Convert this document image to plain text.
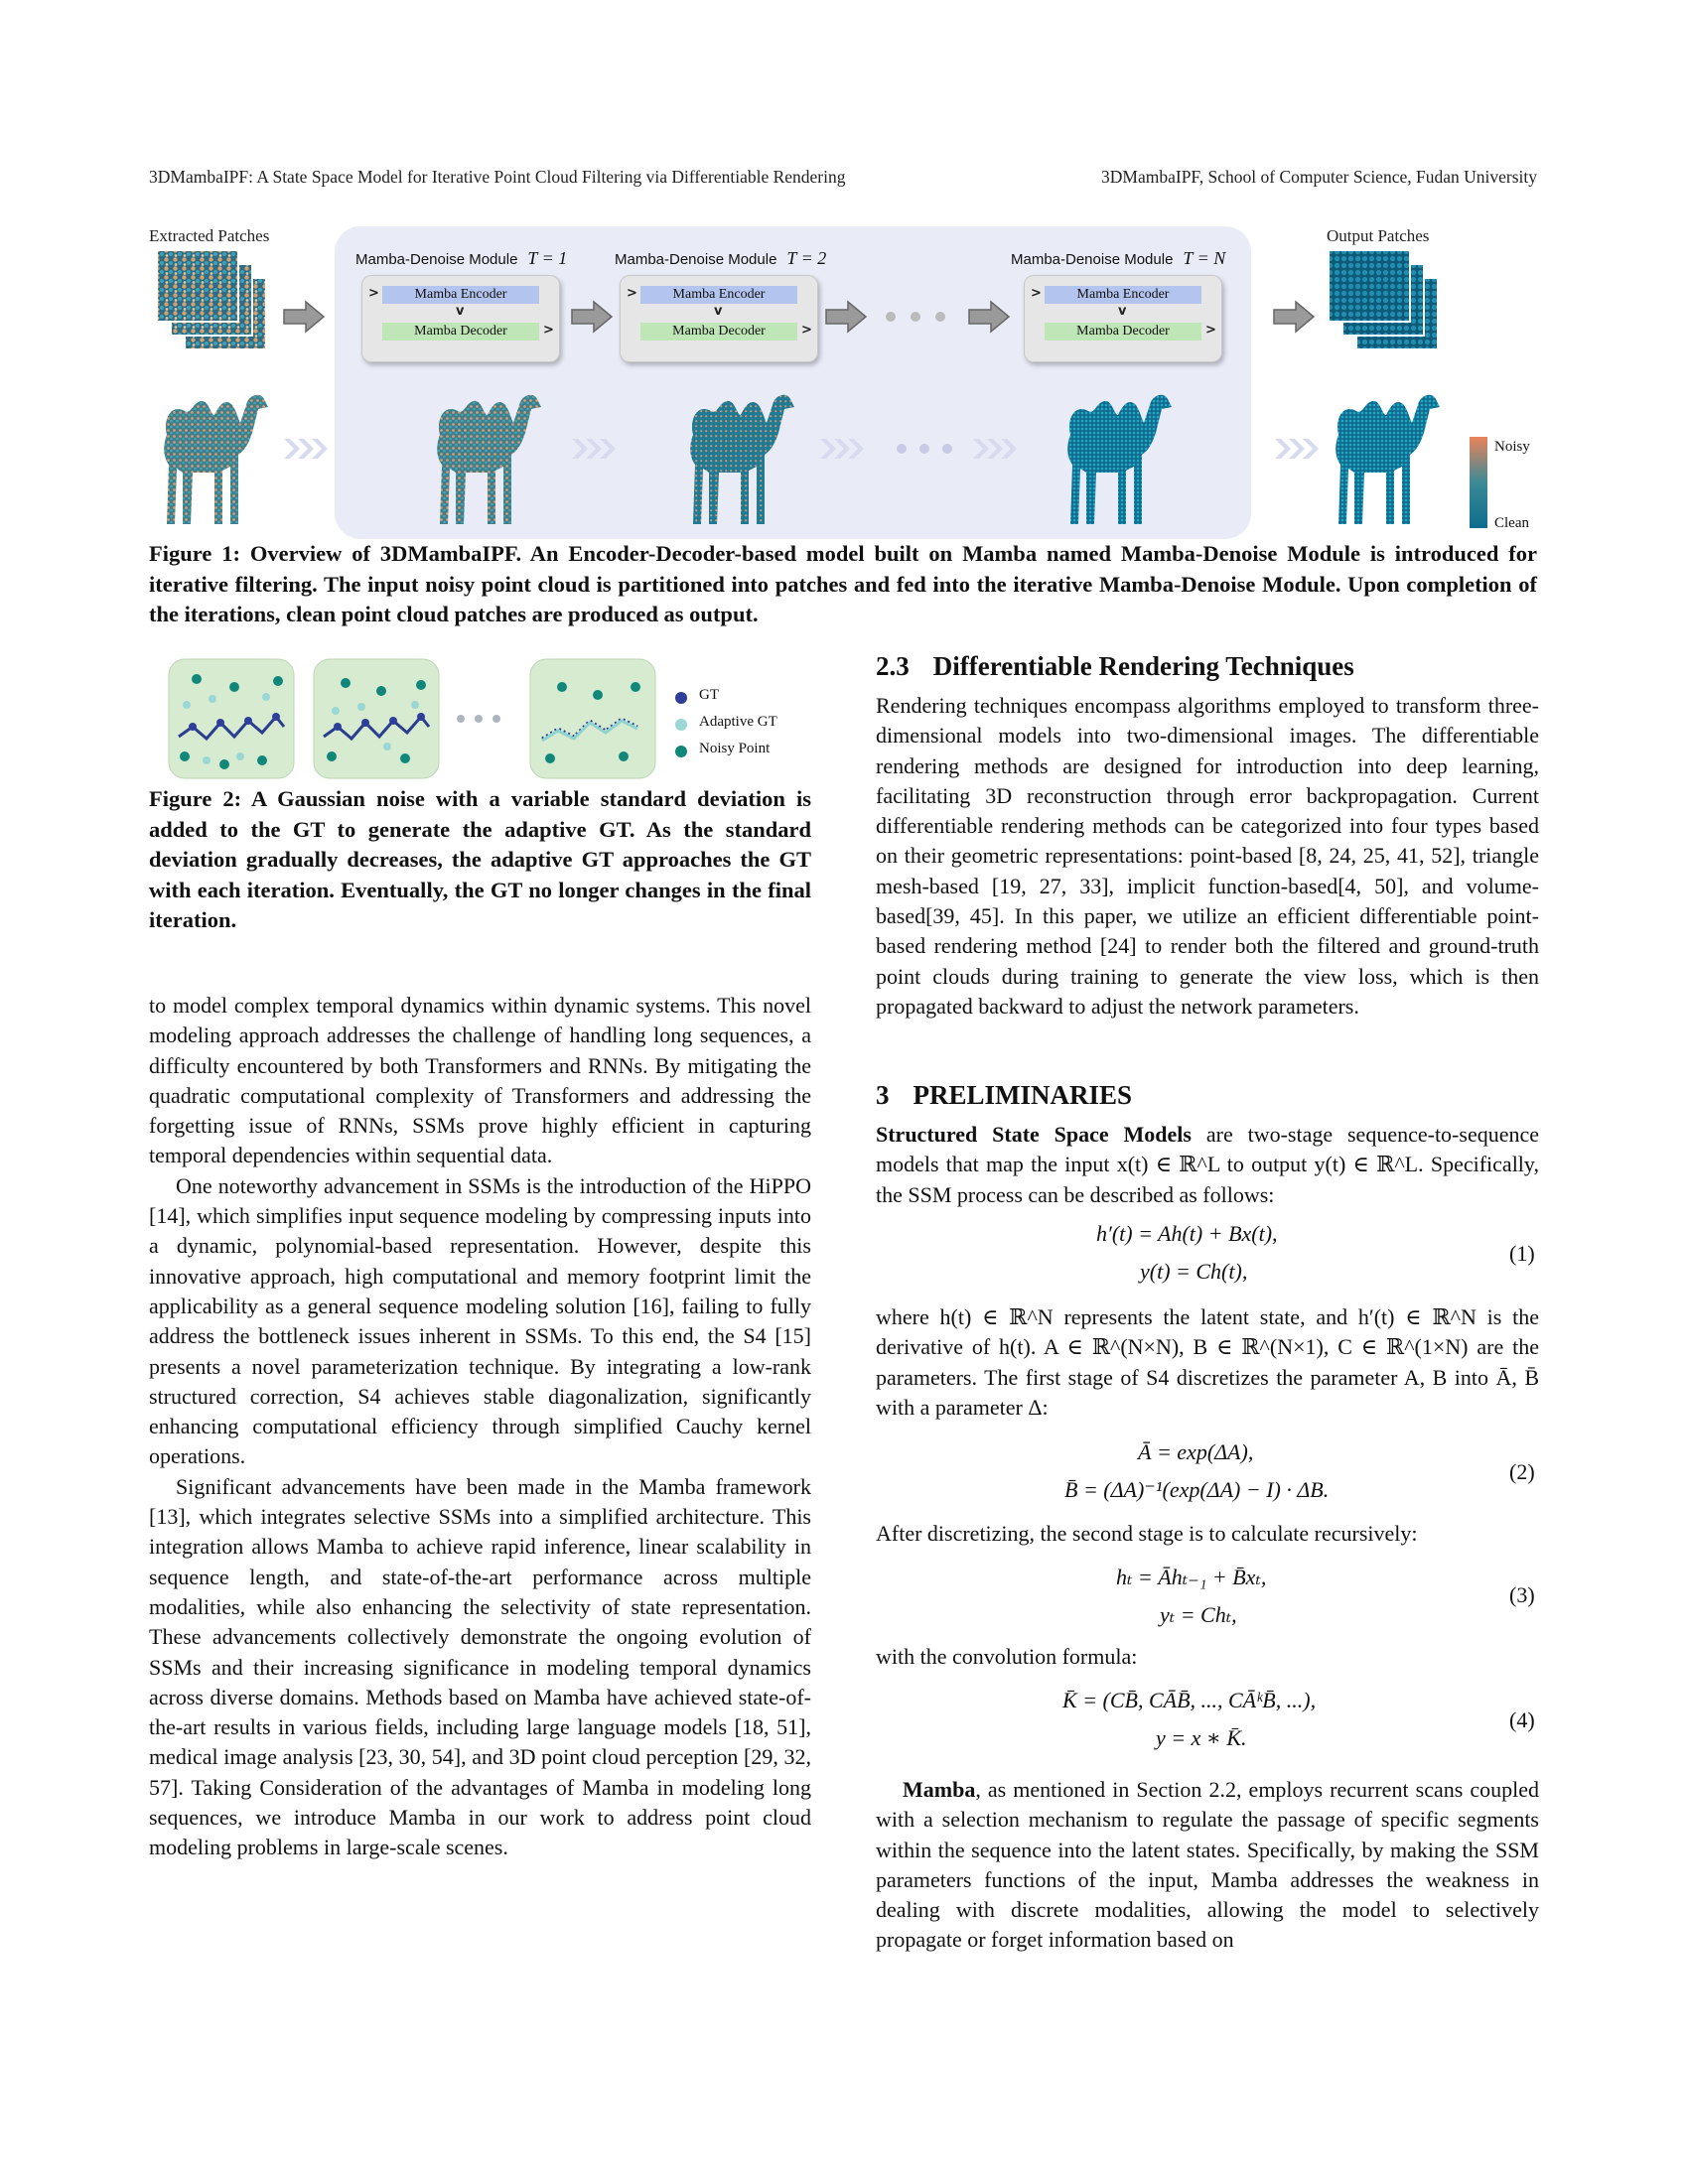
3DMambaIPF: A State Space Model for Iterative Point Cloud Filtering via Differentiable Rendering	3DMambaIPF, School of Computer Science, Fudan University
Extracted Patches	Output Patches
Mamba-Denoise Module T = 1
>	Mamba Encoder
v
Mamba Decoder	>
Mamba-Denoise Module T = 2
>	Mamba Encoder
v
Mamba Decoder	>
Mamba-Denoise Module T = N
>	Mamba Encoder
v
Mamba Decoder	>
Noisy
Clean
Figure 1: Overview of 3DMambaIPF. An Encoder-Decoder-based model built on Mamba named Mamba-Denoise Module is introduced for iterative filtering. The input noisy point cloud is partitioned into patches and fed into the iterative Mamba-Denoise Module. Upon completion of the iterations, clean point cloud patches are produced as output.
GT
Adaptive GT
Noisy Point
Figure 2: A Gaussian noise with a variable standard deviation is added to the GT to generate the adaptive GT. As the standard deviation gradually decreases, the adaptive GT approaches the GT with each iteration. Eventually, the GT no longer changes in the final iteration.

to model complex temporal dynamics within dynamic systems. This novel modeling approach addresses the challenge of handling long sequences, a difficulty encountered by both Transformers and RNNs. By mitigating the quadratic computational complexity of Transformers and addressing the forgetting issue of RNNs, SSMs prove highly efficient in capturing temporal dependencies within sequential data.

One noteworthy advancement in SSMs is the introduction of the HiPPO [14], which simplifies input sequence modeling by compressing inputs into a dynamic, polynomial-based representation. However, despite this innovative approach, high computational and memory footprint limit the applicability as a general sequence modeling solution [16], failing to fully address the bottleneck issues inherent in SSMs. To this end, the S4 [15] presents a novel parameterization technique. By integrating a low-rank structured correction, S4 achieves stable diagonalization, significantly enhancing computational efficiency through simplified Cauchy kernel operations.

Significant advancements have been made in the Mamba framework [13], which integrates selective SSMs into a simplified architecture. This integration allows Mamba to achieve rapid inference, linear scalability in sequence length, and state-of-the-art performance across multiple modalities, while also enhancing the selectivity of state representation. These advancements collectively demonstrate the ongoing evolution of SSMs and their increasing significance in modeling temporal dynamics across diverse domains. Methods based on Mamba have achieved state-of-the-art results in various fields, including large language models [18, 51], medical image analysis [23, 30, 54], and 3D point cloud perception [29, 32, 57]. Taking Consideration of the advantages of Mamba in modeling long sequences, we introduce Mamba in our work to address point cloud modeling problems in large-scale scenes.

2.3 Differentiable Rendering Techniques

Rendering techniques encompass algorithms employed to transform three-dimensional models into two-dimensional images. The differentiable rendering methods are designed for introduction into deep learning, facilitating 3D reconstruction through error backpropagation. Current differentiable rendering methods can be categorized into four types based on their geometric representations: point-based [8, 24, 25, 41, 52], triangle mesh-based [19, 27, 33], implicit function-based[4, 50], and volume-based[39, 45]. In this paper, we utilize an efficient differentiable point-based rendering method [24] to render both the filtered and ground-truth point clouds during training to generate the view loss, which is then propagated backward to adjust the network parameters.

3 PRELIMINARIES

Structured State Space Models are two-stage sequence-to-sequence models that map the input x(t) ∈ ℝ^L to output y(t) ∈ ℝ^L. Specifically, the SSM process can be described as follows:

h′(t) = Ah(t) + Bx(t),
y(t) = Ch(t),
(1)

where h(t) ∈ ℝ^N represents the latent state, and h′(t) ∈ ℝ^N is the derivative of h(t). A ∈ ℝ^(N×N), B ∈ ℝ^(N×1), C ∈ ℝ^(1×N) are the parameters. The first stage of S4 discretizes the parameter A, B into Ā, B̄ with a parameter Δ:

Ā = exp(ΔA),
B̄ = (ΔA)⁻¹(exp(ΔA) − I) · ΔB.
(2)

After discretizing, the second stage is to calculate recursively:

hₜ = Āhₜ₋₁ + B̄xₜ,
yₜ = Chₜ,
(3)

with the convolution formula:

K̄ = (CB̄, CĀB̄, ..., CĀᵏB̄, ...),
y = x ∗ K̄.
(4)

Mamba, as mentioned in Section 2.2, employs recurrent scans coupled with a selection mechanism to regulate the passage of specific segments within the sequence into the latent states. Specifically, by making the SSM parameters functions of the input, Mamba addresses the weakness in dealing with discrete modalities, allowing the model to selectively propagate or forget information based on
